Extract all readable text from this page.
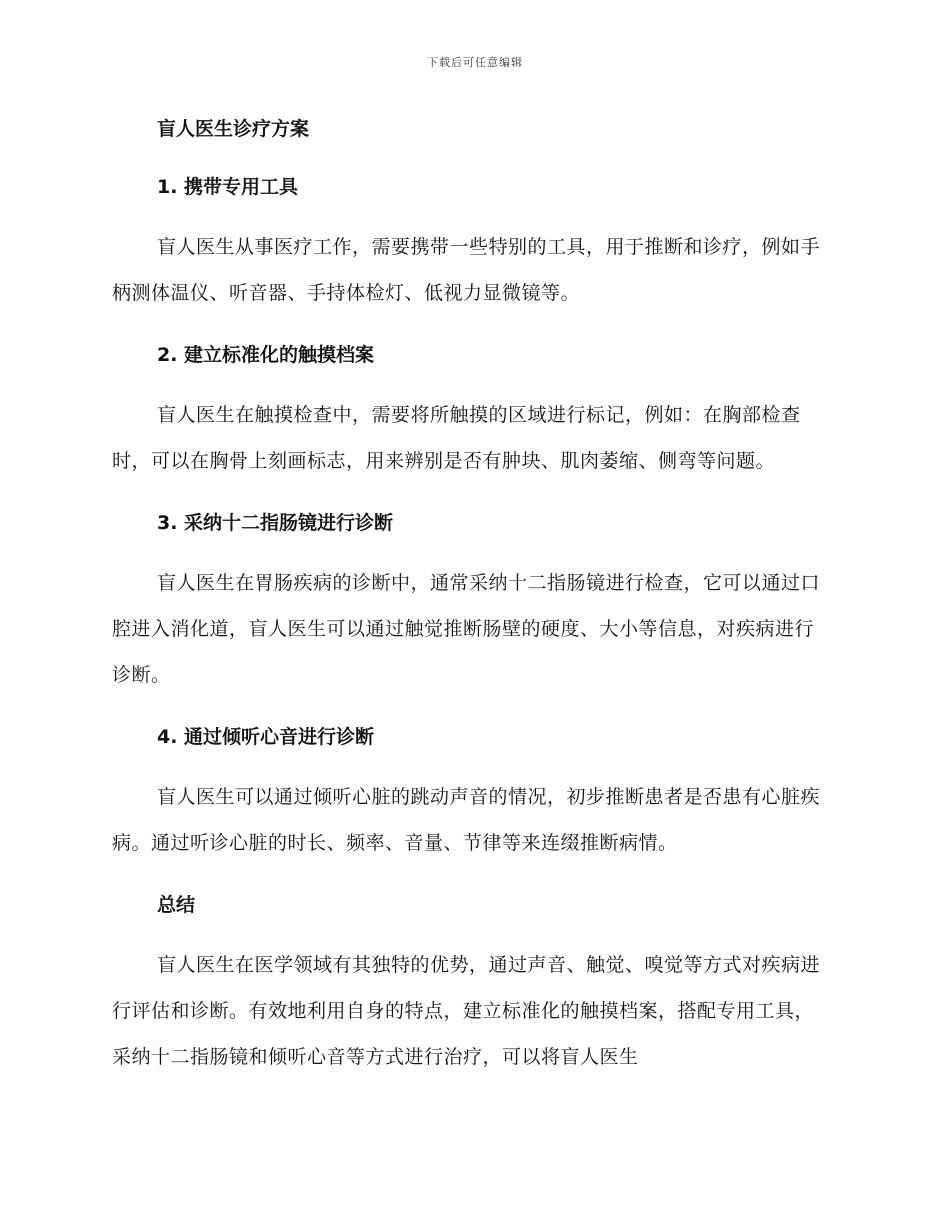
下载后可任意编辑
盲人医生诊疗方案
1. 携带专用工具

盲人医生从事医疗工作，需要携带一些特别的工具，用于推断和诊疗，例如手柄测体温仪、听音器、手持体检灯、低视力显微镜等。

2. 建立标准化的触摸档案

盲人医生在触摸检查中，需要将所触摸的区域进行标记，例如：在胸部检查时，可以在胸骨上刻画标志，用来辨别是否有肿块、肌肉萎缩、侧弯等问题。

3. 采纳十二指肠镜进行诊断

盲人医生在胃肠疾病的诊断中，通常采纳十二指肠镜进行检查，它可以通过口腔进入消化道，盲人医生可以通过触觉推断肠壁的硬度、大小等信息，对疾病进行诊断。

4. 通过倾听心音进行诊断

盲人医生可以通过倾听心脏的跳动声音的情况，初步推断患者是否患有心脏疾病。通过听诊心脏的时长、频率、音量、节律等来连缀推断病情。

总结

盲人医生在医学领域有其独特的优势，通过声音、触觉、嗅觉等方式对疾病进行评估和诊断。有效地利用自身的特点，建立标准化的触摸档案，搭配专用工具，采纳十二指肠镜和倾听心音等方式进行治疗，可以将盲人医生
